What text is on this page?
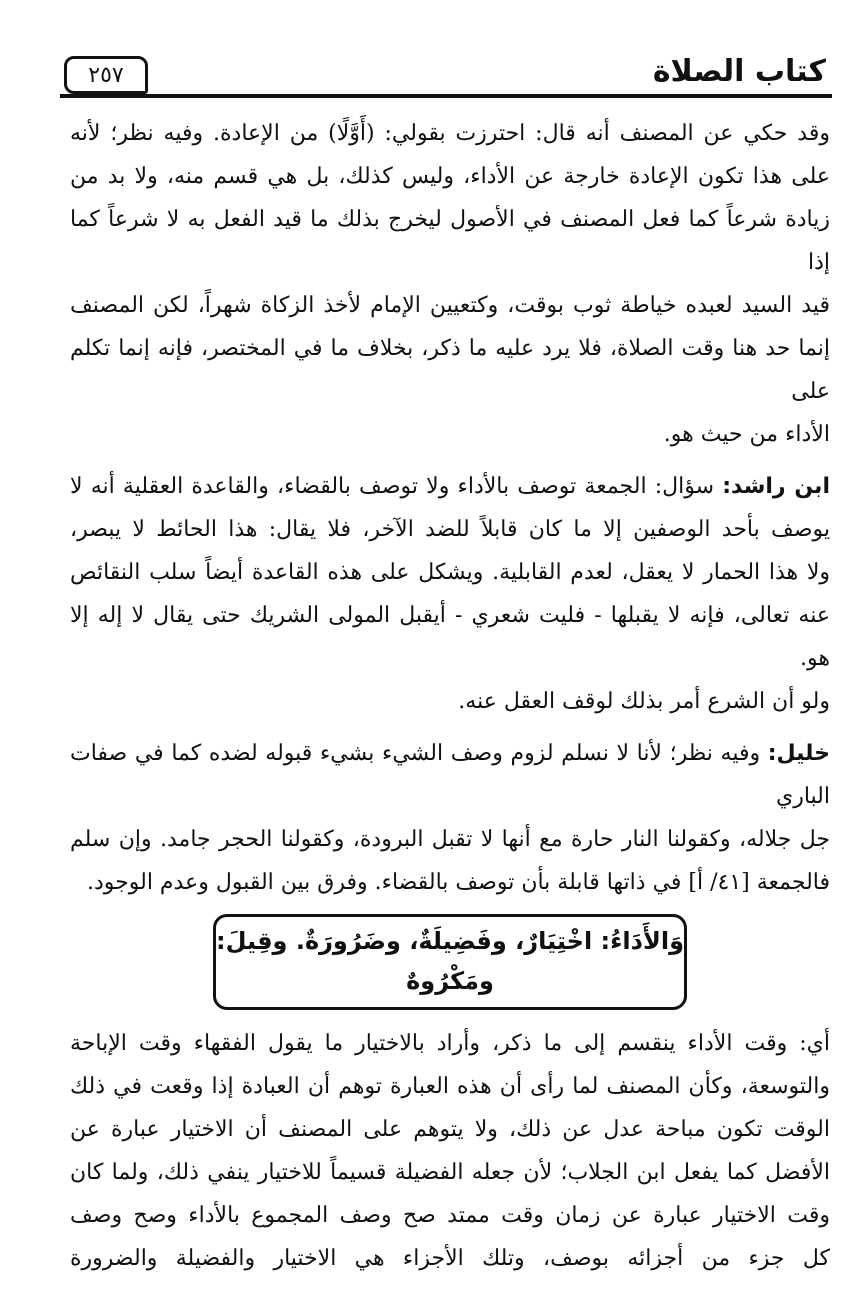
كتاب الصلاة
٢٥٧

وقد حكي عن المصنف أنه قال: احترزت بقولي: (أَوَّلًا) من الإعادة. وفيه نظر؛ لأنه
على هذا تكون الإعادة خارجة عن الأداء، وليس كذلك، بل هي قسم منه، ولا بد من
زيادة شرعاً كما فعل المصنف في الأصول ليخرج بذلك ما قيد الفعل به لا شرعاً كما إذا
قيد السيد لعبده خياطة ثوب بوقت، وكتعيين الإمام لأخذ الزكاة شهراً، لكن المصنف
إنما حد هنا وقت الصلاة، فلا يرد عليه ما ذكر، بخلاف ما في المختصر، فإنه إنما تكلم على
الأداء من حيث هو.

ابن راشد: سؤال: الجمعة توصف بالأداء ولا توصف بالقضاء، والقاعدة العقلية أنه لا
يوصف بأحد الوصفين إلا ما كان قابلاً للضد الآخر، فلا يقال: هذا الحائط لا يبصر،
ولا هذا الحمار لا يعقل، لعدم القابلية. ويشكل على هذه القاعدة أيضاً سلب النقائص
عنه تعالى، فإنه لا يقبلها - فليت شعري - أيقبل المولى الشريك حتى يقال لا إله إلا هو.
ولو أن الشرع أمر بذلك لوقف العقل عنه.

خليل: وفيه نظر؛ لأنا لا نسلم لزوم وصف الشيء بشيء قبوله لضده كما في صفات الباري
جل جلاله، وكقولنا النار حارة مع أنها لا تقبل البرودة، وكقولنا الحجر جامد. وإن سلم
فالجمعة [٤١/ أ] في ذاتها قابلة بأن توصف بالقضاء. وفرق بين القبول وعدم الوجود.

وَالأَدَاءُ: اخْتِيَارٌ، وفَضِيلَةٌ، وضَرُورَةٌ. وقِيلَ: ومَكْرُوهٌ

أي: وقت الأداء ينقسم إلى ما ذكر، وأراد بالاختيار ما يقول الفقهاء وقت الإباحة
والتوسعة، وكأن المصنف لما رأى أن هذه العبارة توهم أن العبادة إذا وقعت في ذلك
الوقت تكون مباحة عدل عن ذلك، ولا يتوهم على المصنف أن الاختيار عبارة عن
الأفضل كما يفعل ابن الجلاب؛ لأن جعله الفضيلة قسيماً للاختيار ينفي ذلك، ولما كان
وقت الاختيار عبارة عن زمان وقت ممتد صح وصف المجموع بالأداء وصح وصف
كل جزء من أجزائه بوصف، وتلك الأجزاء هي الاختيار والفضيلة والضرورة
